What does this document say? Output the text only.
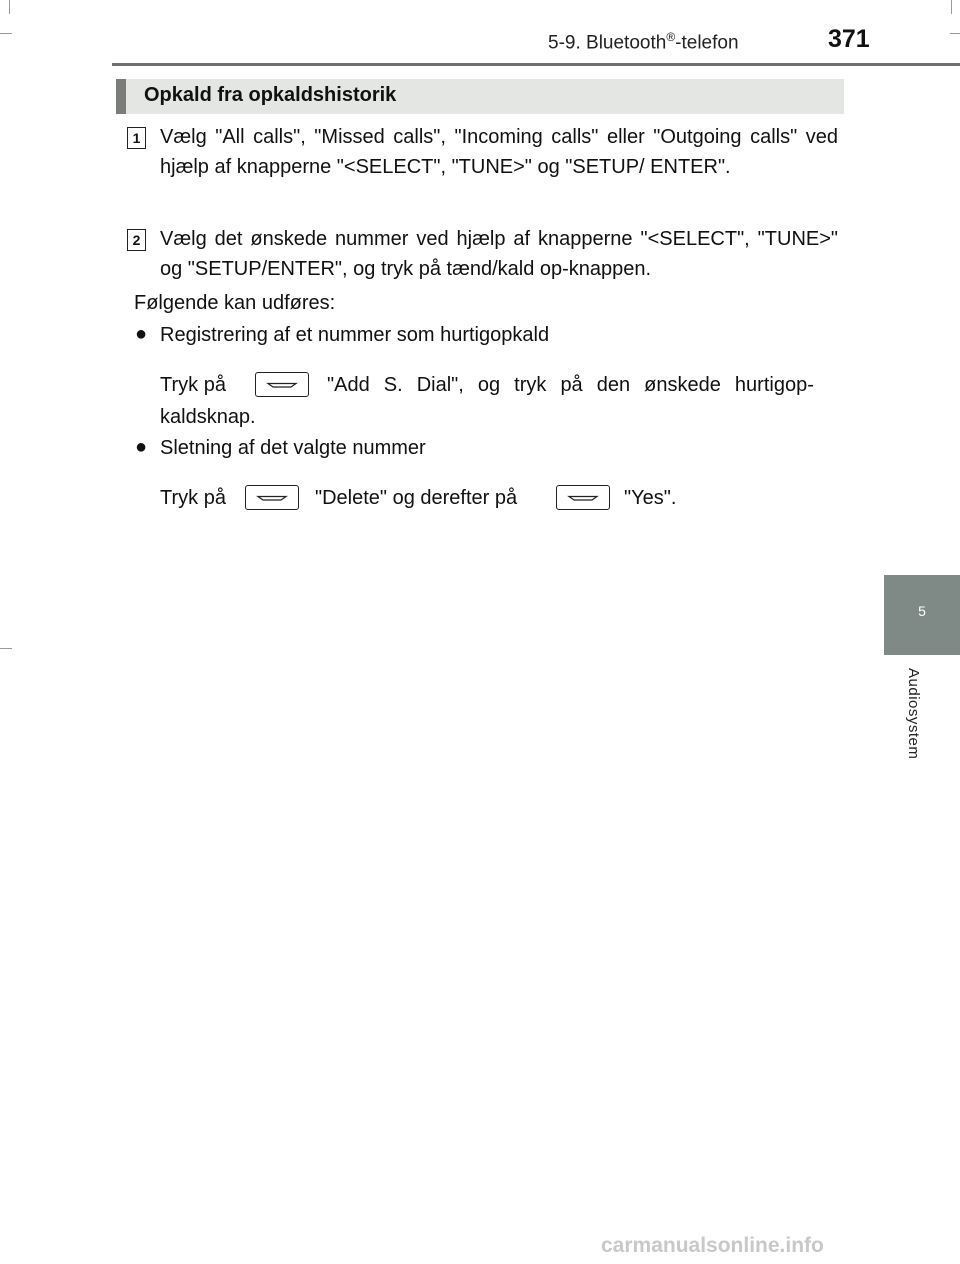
5-9. Bluetooth®-telefon	371
Opkald fra opkaldshistorik
1 Vælg "All calls", "Missed calls", "Incoming calls" eller "Outgoing calls" ved hjælp af knapperne "<SELECT", "TUNE>" og "SETUP/ ENTER".
2 Vælg det ønskede nummer ved hjælp af knapperne "<SELECT", "TUNE>" og "SETUP/ENTER", og tryk på tænd/kald op-knappen.
Følgende kan udføres:
● Registrering af et nummer som hurtigopkald
Tryk på	"Add S. Dial", og tryk på den ønskede hurtigop-
kaldsknap.
● Sletning af det valgte nummer
Tryk på	"Delete" og derefter på	"Yes".
5
Audiosystem
carmanualsonline.info
